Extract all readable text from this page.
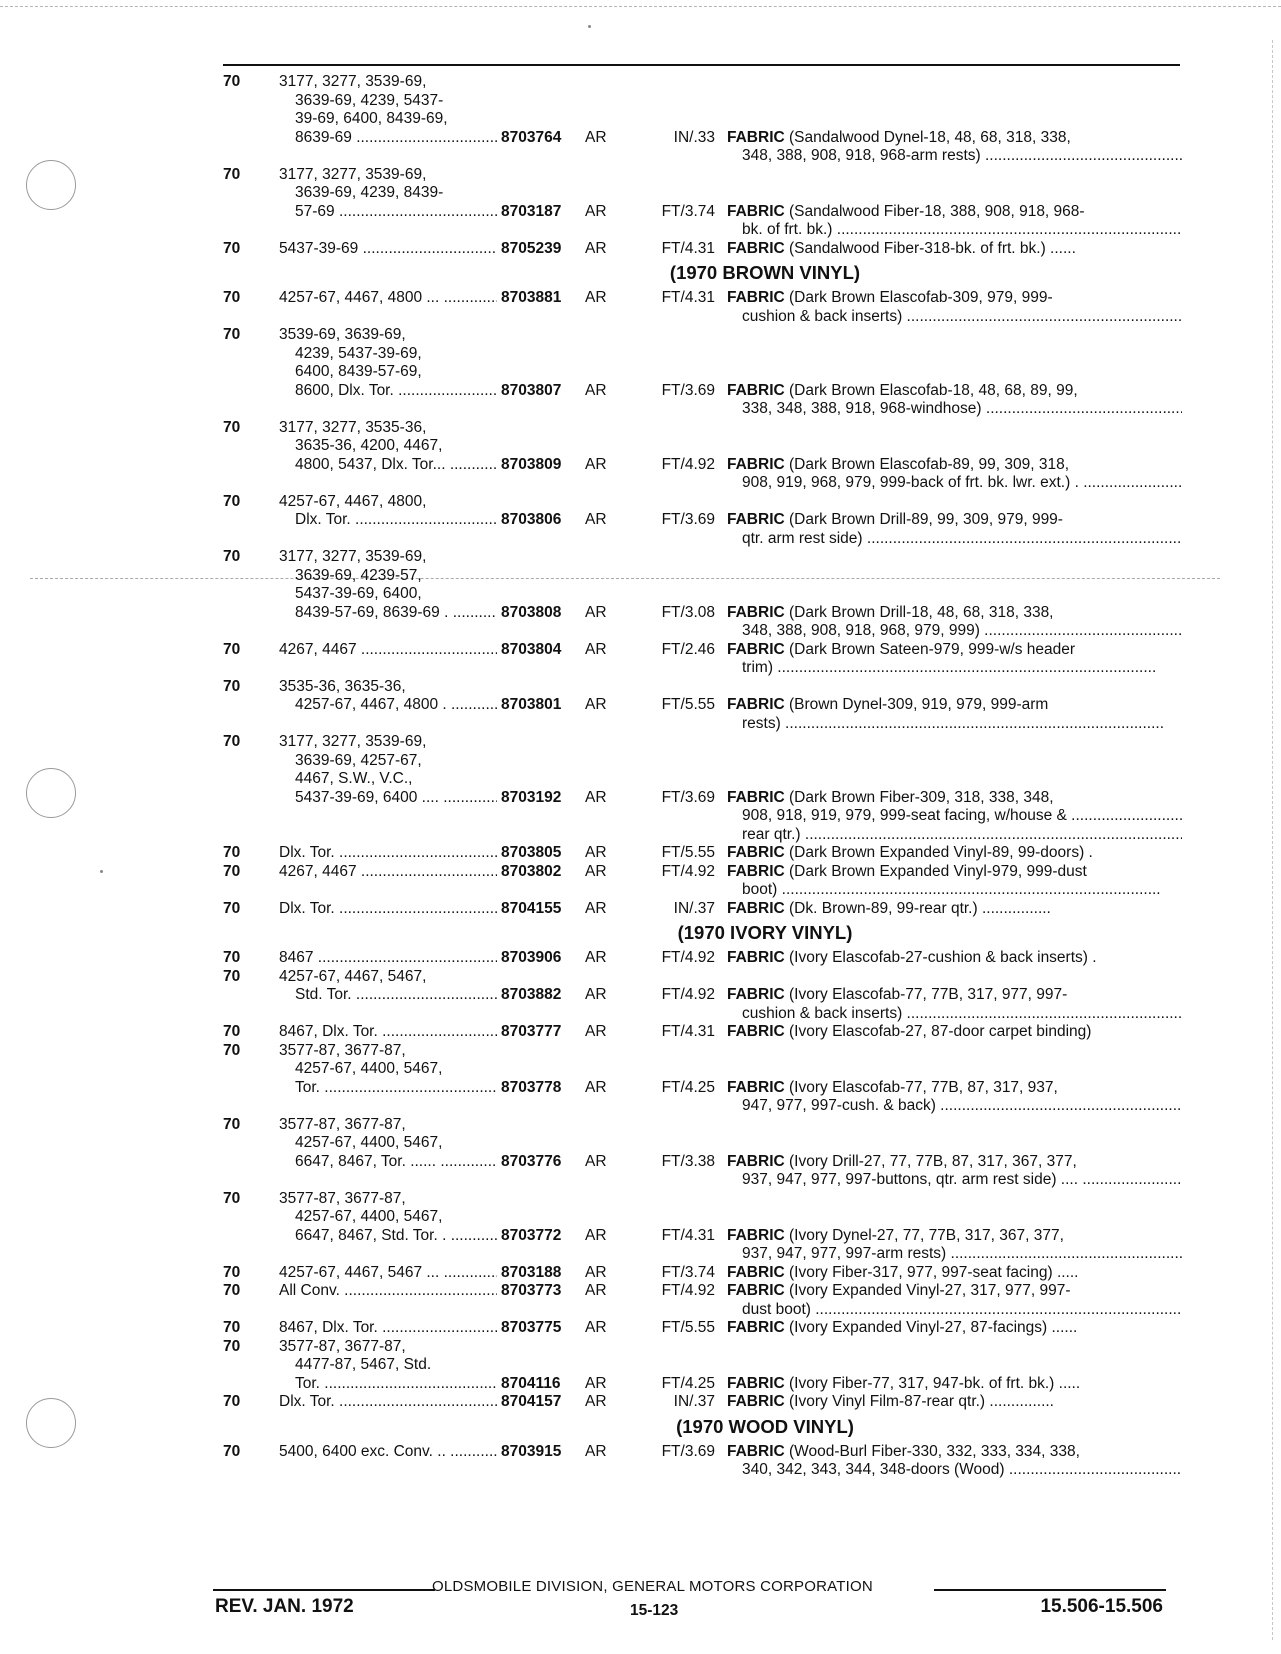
70	3177, 3277, 3539-69,
3639-69, 4239, 5437-
39-69, 6400, 8439-69,
8639-69 .....	8703764 AR	IN/.33 FABRIC (Sandalwood Dynel-18, 48, 68, 318, 338,
348, 388, 908, 918, 968-arm rests) .....
70	3177, 3277, 3539-69,
3639-69, 4239, 8439-
57-69 .....	8703187 AR	FT/3.74 FABRIC (Sandalwood Fiber-18, 388, 908, 918, 968-
bk. of frt. bk.) .....
70	5437-39-69 .....	8705239 AR	FT/4.31 FABRIC (Sandalwood Fiber-318-bk. of frt. bk.) ......
(1970 BROWN VINYL)
70	4257-67, 4467, 4800 ... .....	8703881 AR	FT/4.31 FABRIC (Dark Brown Elascofab-309, 979, 999-
cushion & back inserts) .....
70	3539-69, 3639-69,
4239, 5437-39-69,
6400, 8439-57-69,
8600, Dlx. Tor. .....	8703807 AR	FT/3.69 FABRIC (Dark Brown Elascofab-18, 48, 68, 89, 99,
338, 348, 388, 918, 968-windhose) .....
70	3177, 3277, 3535-36,
3635-36, 4200, 4467,
4800, 5437, Dlx. Tor... .....	8703809 AR	FT/4.92 FABRIC (Dark Brown Elascofab-89, 99, 309, 318,
908, 919, 968, 979, 999-back of frt. bk. lwr. ext.) . .....
70	4257-67, 4467, 4800,
Dlx. Tor. .....	8703806 AR	FT/3.69 FABRIC (Dark Brown Drill-89, 99, 309, 979, 999-
qtr. arm rest side) .....
70	3177, 3277, 3539-69,
3639-69, 4239-57,
5437-39-69, 6400,
8439-57-69, 8639-69 . .....	8703808 AR	FT/3.08 FABRIC (Dark Brown Drill-18, 48, 68, 318, 338,
348, 388, 908, 918, 968, 979, 999) .....
70	4267, 4467 .....	8703804 AR	FT/2.46 FABRIC (Dark Brown Sateen-979, 999-w/s header
trim) .....
70	3535-36, 3635-36,
4257-67, 4467, 4800 . .....	8703801 AR	FT/5.55 FABRIC (Brown Dynel-309, 919, 979, 999-arm
rests) .....
70	3177, 3277, 3539-69,
3639-69, 4257-67,
4467, S.W., V.C.,
5437-39-69, 6400 .... .....	8703192 AR	FT/3.69 FABRIC (Dark Brown Fiber-309, 318, 338, 348,
908, 918, 919, 979, 999-seat facing, w/house & .....
rear qtr.) .....
70	Dlx. Tor. .....	8703805 AR	FT/5.55 FABRIC (Dark Brown Expanded Vinyl-89, 99-doors) .
70	4267, 4467 .....	8703802 AR	FT/4.92 FABRIC (Dark Brown Expanded Vinyl-979, 999-dust
boot) .....
70	Dlx. Tor. .....	8704155 AR	IN/.37 FABRIC (Dk. Brown-89, 99-rear qtr.) ................
(1970 IVORY VINYL)
70	8467 .....	8703906 AR	FT/4.92 FABRIC (Ivory Elascofab-27-cushion & back inserts) .
70	4257-67, 4467, 5467,
Std. Tor. .....	8703882 AR	FT/4.92 FABRIC (Ivory Elascofab-77, 77B, 317, 977, 997-
cushion & back inserts) .....
70	8467, Dlx. Tor. .....	8703777 AR	FT/4.31 FABRIC (Ivory Elascofab-27, 87-door carpet binding)
70	3577-87, 3677-87,
4257-67, 4400, 5467,
Tor. .....	8703778 AR	FT/4.25 FABRIC (Ivory Elascofab-77, 77B, 87, 317, 937,
947, 977, 997-cush. & back) .....
70	3577-87, 3677-87,
4257-67, 4400, 5467,
6647, 8467, Tor. ...... .....	8703776 AR	FT/3.38 FABRIC (Ivory Drill-27, 77, 77B, 87, 317, 367, 377,
937, 947, 977, 997-buttons, qtr. arm rest side) .... .....
70	3577-87, 3677-87,
4257-67, 4400, 5467,
6647, 8467, Std. Tor. . .....	8703772 AR	FT/4.31 FABRIC (Ivory Dynel-27, 77, 77B, 317, 367, 377,
937, 947, 977, 997-arm rests) .....
70	4257-67, 4467, 5467 ... .....	8703188 AR	FT/3.74 FABRIC (Ivory Fiber-317, 977, 997-seat facing) .....
70	All Conv. .....	8703773 AR	FT/4.92 FABRIC (Ivory Expanded Vinyl-27, 317, 977, 997-
dust boot) .....
70	8467, Dlx. Tor. .....	8703775 AR	FT/5.55 FABRIC (Ivory Expanded Vinyl-27, 87-facings) ......
70	3577-87, 3677-87,
4477-87, 5467, Std.
Tor. .....	8704116 AR	FT/4.25 FABRIC (Ivory Fiber-77, 317, 947-bk. of frt. bk.) .....
70	Dlx. Tor. .....	8704157 AR	IN/.37 FABRIC (Ivory Vinyl Film-87-rear qtr.) ...............
(1970 WOOD VINYL)
70	5400, 6400 exc. Conv. .. .....	8703915 AR	FT/3.69 FABRIC (Wood-Burl Fiber-330, 332, 333, 334, 338,
340, 342, 343, 344, 348-doors (Wood) .....
OLDSMOBILE DIVISION, GENERAL MOTORS CORPORATION
REV. JAN. 1972	15-123	15.506-15.506
